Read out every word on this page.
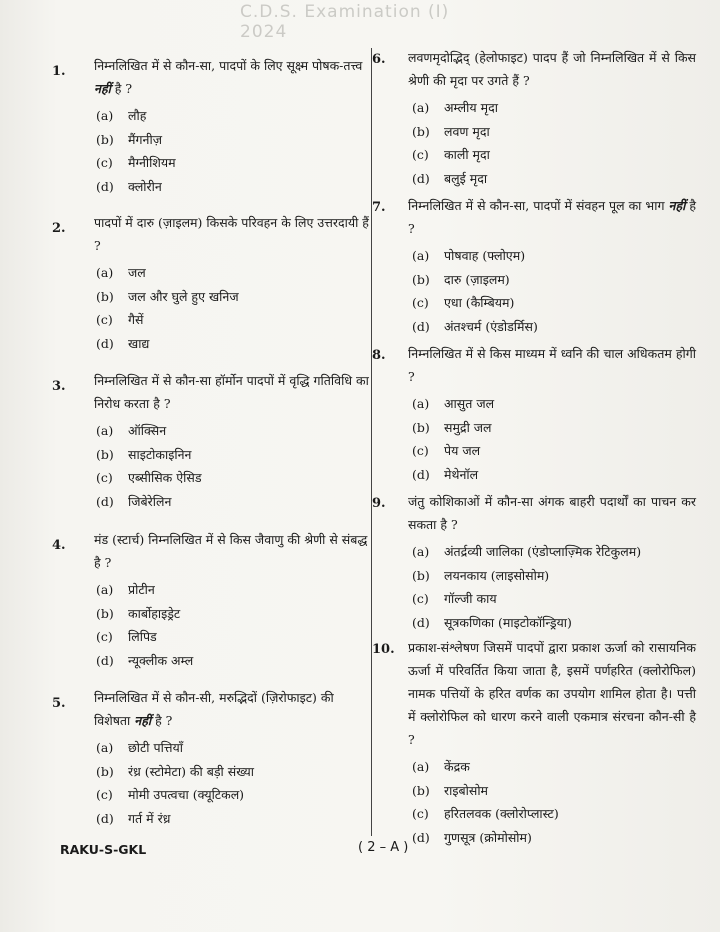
C.D.S. Examination (I) 2024
1. निम्नलिखित में से कौन-सा, पादपों के लिए सूक्ष्म पोषक-तत्त्व नहीं है ?
(a)	लौह
(b)	मैंगनीज़
(c)	मैग्नीशियम
(d)	क्लोरीन
2. पादपों में दारु (ज़ाइलम) किसके परिवहन के लिए उत्तरदायी हैं ?
(a)	जल
(b)	जल और घुले हुए खनिज
(c)	गैसें
(d)	खाद्य
3. निम्नलिखित में से कौन-सा हॉर्मोन पादपों में वृद्धि गतिविधि का निरोध करता है ?
(a)	ऑक्सिन
(b)	साइटोकाइनिन
(c)	एब्सीसिक ऐसिड
(d)	जिबेरेलिन
4. मंड (स्टार्च) निम्नलिखित में से किस जैवाणु की श्रेणी से संबद्ध है ?
(a)	प्रोटीन
(b)	कार्बोहाइड्रेट
(c)	लिपिड
(d)	न्यूक्लीक अम्ल
5. निम्नलिखित में से कौन-सी, मरुद्भिदों (ज़िरोफाइट) की विशेषता नहीं है ?
(a)	छोटी पत्तियाँ
(b)	रंध्र (स्टोमेटा) की बड़ी संख्या
(c)	मोमी उपत्वचा (क्यूटिकल)
(d)	गर्त में रंध्र
6. लवणमृदोद्भिद् (हेलोफाइट) पादप हैं जो निम्नलिखित में से किस श्रेणी की मृदा पर उगते हैं ?
(a)	अम्लीय मृदा
(b)	लवण मृदा
(c)	काली मृदा
(d)	बलुई मृदा
7. निम्नलिखित में से कौन-सा, पादपों में संवहन पूल का भाग नहीं है ?
(a)	पोषवाह (फ्लोएम)
(b)	दारु (ज़ाइलम)
(c)	एधा (कैम्बियम)
(d)	अंतश्चर्म (एंडोडर्मिस)
8. निम्नलिखित में से किस माध्यम में ध्वनि की चाल अधिकतम होगी ?
(a)	आसुत जल
(b)	समुद्री जल
(c)	पेय जल
(d)	मेथेनॉल
9. जंतु कोशिकाओं में कौन-सा अंगक बाहरी पदार्थों का पाचन कर सकता है ?
(a)	अंतर्द्रव्यी जालिका (एंडोप्लाज़्मिक रेटिकुलम)
(b)	लयनकाय (लाइसोसोम)
(c)	गॉल्जी काय
(d)	सूत्रकणिका (माइटोकॉन्ड्रिया)
10. प्रकाश-संश्लेषण जिसमें पादपों द्वारा प्रकाश ऊर्जा को रासायनिक ऊर्जा में परिवर्तित किया जाता है, इसमें पर्णहरित (क्लोरोफिल) नामक पत्तियों के हरित वर्णक का उपयोग शामिल होता है। पत्ती में क्लोरोफिल को धारण करने वाली एकमात्र संरचना कौन-सी है ?
(a)	केंद्रक
(b)	राइबोसोम
(c)	हरितलवक (क्लोरोप्लास्ट)
(d)	गुणसूत्र (क्रोमोसोम)
RAKU-S-GKL	( 2 – A )
